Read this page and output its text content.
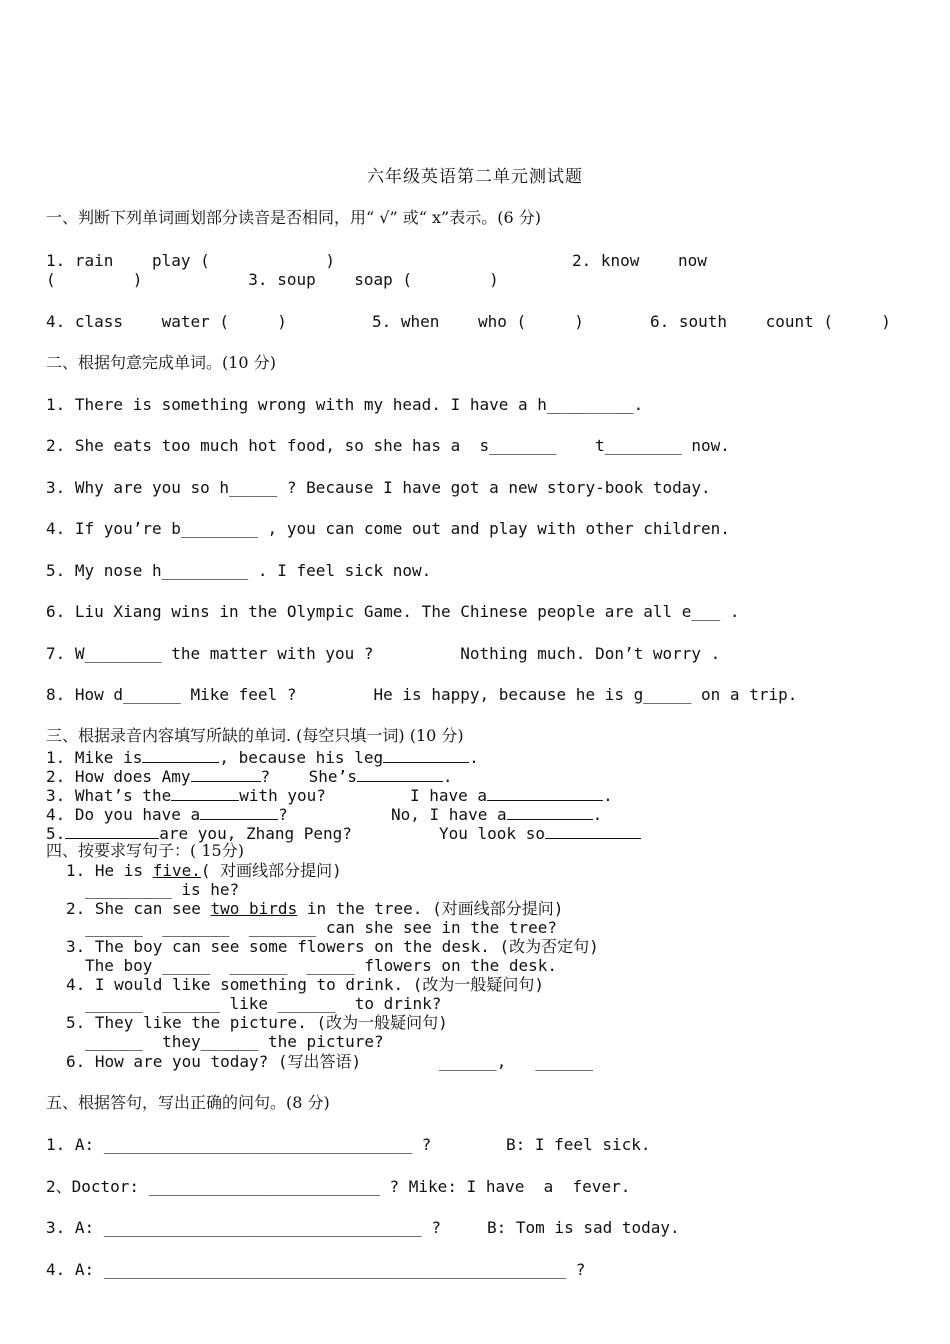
六年级英语第二单元测试题
一、判断下列单词画划部分读音是否相同，用“ √” 或“ x”表示。(6 分)
1. rain    play (            )	2. know    now
(        )           3. soup    soap (        )
4. class    water (     )	5. when    who (     )	6. south    count (     )
二、根据句意完成单词。(10 分)
1. There is something wrong with my head. I have a h_________.
2. She eats too much hot food, so she has a  s_______    t________ now.
3. Why are you so h_____ ? Because I have got a new story-book today.
4. If you’re b________ , you can come out and play with other children.
5. My nose h_________ . I feel sick now.
6. Liu Xiang wins in the Olympic Game. The Chinese people are all e___ .
7. W________ the matter with you ?         Nothing much. Don’t worry .
8. How d______ Mike feel ?        He is happy, because he is g_____ on a trip.
三、根据录音内容填写所缺的单词. (每空只填一词) (10 分)
1. Mike is	, because his leg	.
2. How does Amy	?    She’s	.
3. What’s the	with you?	I have a	.
4. Do you have a	?	No, I have a	.
5.	are you, Zhang Peng?	You look so
四、按要求写句子：( 15分)
1. He is five.( 对画线部分提问)
_________ is he?
2. She can see two birds in the tree. (对画线部分提问)
______  _______  _______ can she see in the tree?
3. The boy can see some flowers on the desk. (改为否定句)
The boy _____  ______  _____ flowers on the desk.
4. I would like something to drink. (改为一般疑问句)
______  ______ like ______  to drink?
5. They like the picture. (改为一般疑问句)
______  they______ the picture?
6. How are you today? (写出答语)	______,   ______
五、根据答句，写出正确的问句。(8 分)
1. A: ________________________________ ?	B: I feel sick.
2、Doctor: ________________________ ? Mike: I have  a  fever.
3. A: _________________________________ ?	B: Tom is sad today.
4. A: ________________________________________________ ?
